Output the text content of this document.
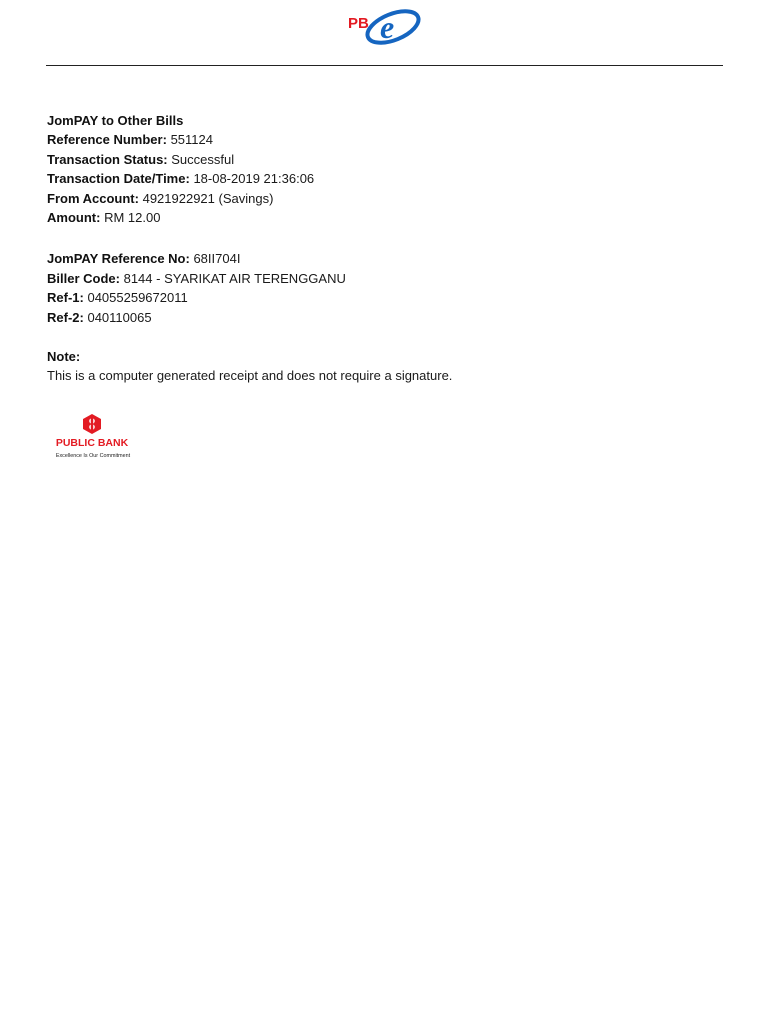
PB e

JomPAY to Other Bills

Reference Number: 551124

Transaction Status: Successful

Transaction Date/Time: 18-08-2019 21:36:06

From Account: 4921922921 (Savings)

Amount: RM 12.00

JomPAY Reference No: 68II704I

Biller Code: 8144 - SYARIKAT AIR TERENGGANU

Ref-1: 04055259672011

Ref-2: 040110065

Note:

This is a computer generated receipt and does not require a signature.

PUBLIC BANK
Excellence Is Our Commitment
